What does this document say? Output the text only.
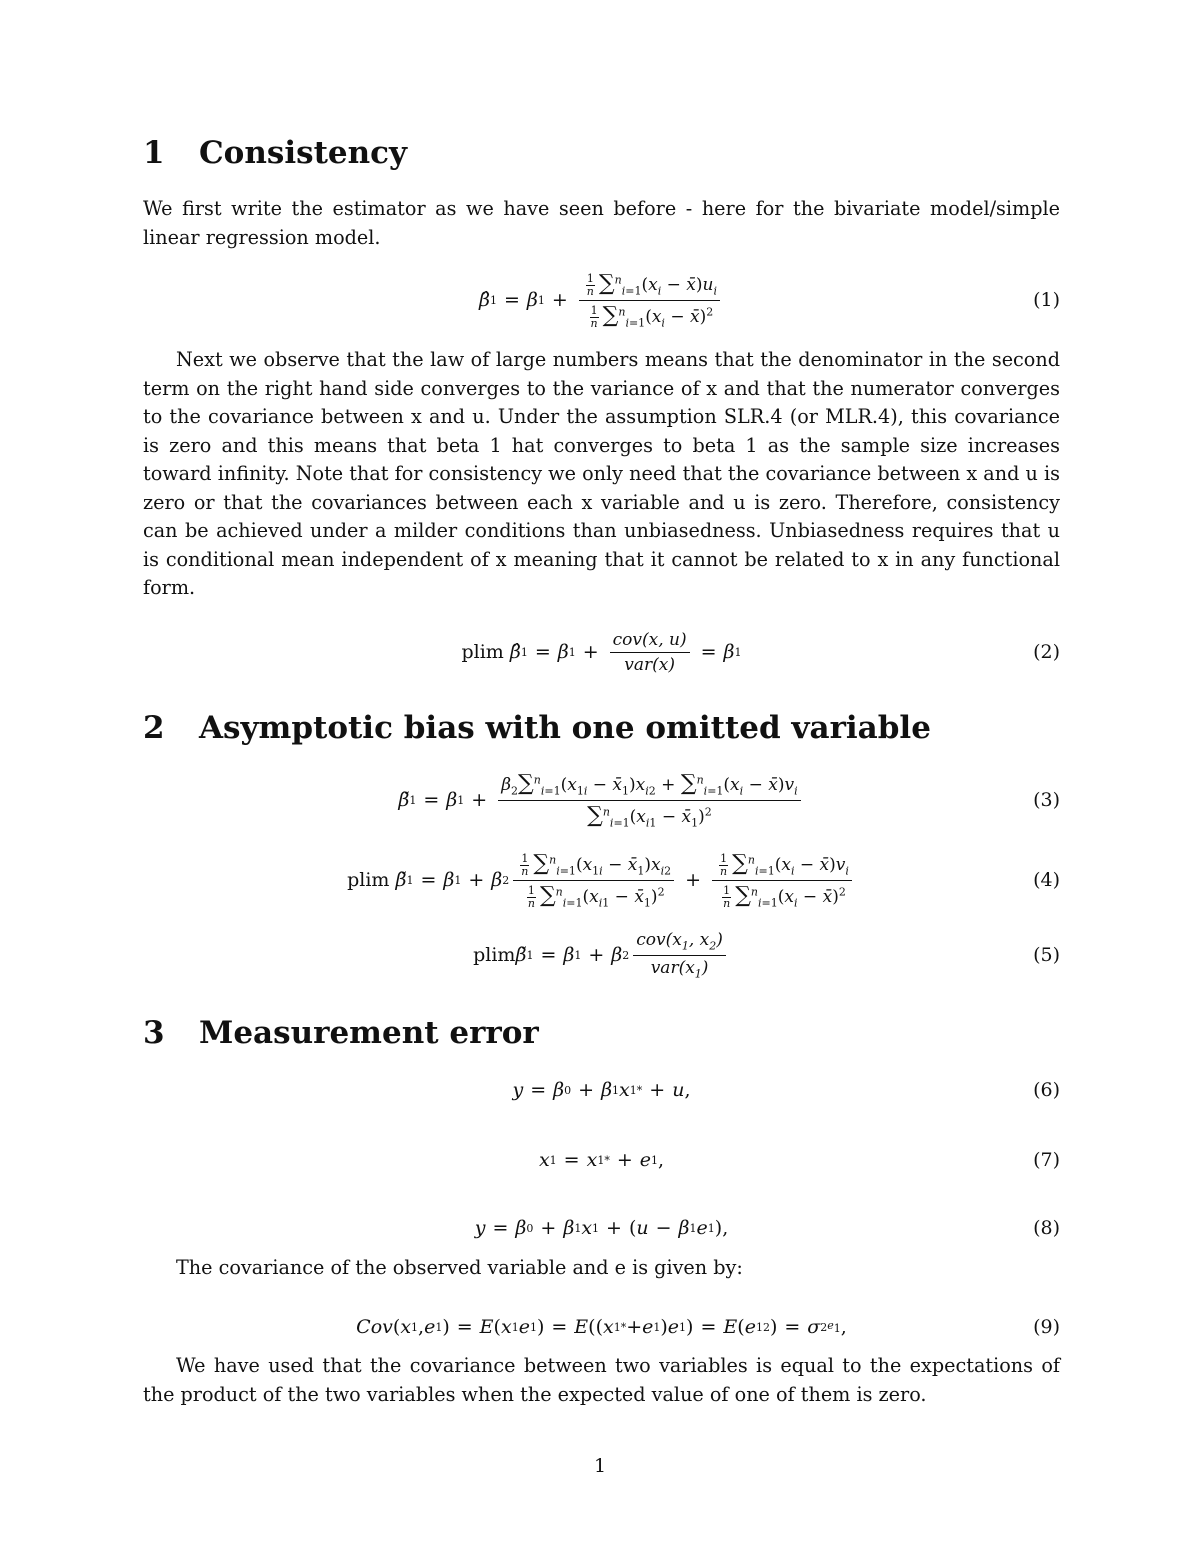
1 Consistency
We first write the estimator as we have seen before - here for the bivariate model/simple linear regression model.
β̂ 1 = β $1 + \frac{\frac{1}{n} \sum^n_{i=1}(x_i - x̄)u_i}{\frac{1}{n} \sum^n_{i=1}(x_i - x̄)^2}$	(1)
Next we observe that the law of large numbers means that the denominator in the second term on the right hand side converges to the variance of x and that the numerator converges to the covariance between x and u. Under the assumption SLR.4 (or MLR.4), this covariance is zero and this means that beta 1 hat converges to beta 1 as the sample size increases toward infinity. Note that for consistency we only need that the covariance between x and u is zero or that the covariances between each x variable and u is zero. Therefore, consistency can be achieved under a milder conditions than unbiasedness. Unbiasedness requires that u is conditional mean independent of x meaning that it cannot be related to x in any functional form.
plim
β̂ 1 = β $1 + \frac{\text{cov(x, u)}}{\text{var(x)}} = \beta$ 1	(2)
2 Asymptotic bias with one omitted variable
β̃ 1 = β $1 + \frac{\beta_2\sum^n_{i=1}(x_{1i} - x̄_1)x_{i2} + \sum^n_{i=1}(x_i - x̄)v_i}{\sum^n_{i=1}(x_{i1} - x̄_1)^2}$	(3)
plim
β̃ 1 = β 1 + β $2 \frac{\frac{1}{n} \sum^n_{i=1}(x_{1i} - x̄_1)x_{i2}}{\frac{1}{n} \sum^n_{i=1}(x_{i1} - x̄_1)^2} + \frac{\frac{1}{n} \sum^n_{i=1}(x_i - x̄)v_i}{\frac{1}{n} \sum^n_{i=1}(x_i - x̄)^2}$	(4)
plim β̃ 1 = β 1 + β $2 \frac{cov(x_1, x_2)}{var(x_1)}$	(5)
3 Measurement error
y = β 0 + β 1 x 1 * + u ,	(6)
x 1 = x 1 * + e 1 ,	(7)
y = β 0 + β 1 x 1 + ( u − β 1 e 1 ),	(8)
The covariance of the observed variable and e is given by:
Cov ( x 1 , e 1 ) = E ( x 1 e 1 ) = E (( x 1 * + e 1 ) e 1 ) = E ( e 1 2 ) = σ 2 $e_1$ ,	(9)
We have used that the covariance between two variables is equal to the expectations of the product of the two variables when the expected value of one of them is zero.
1
